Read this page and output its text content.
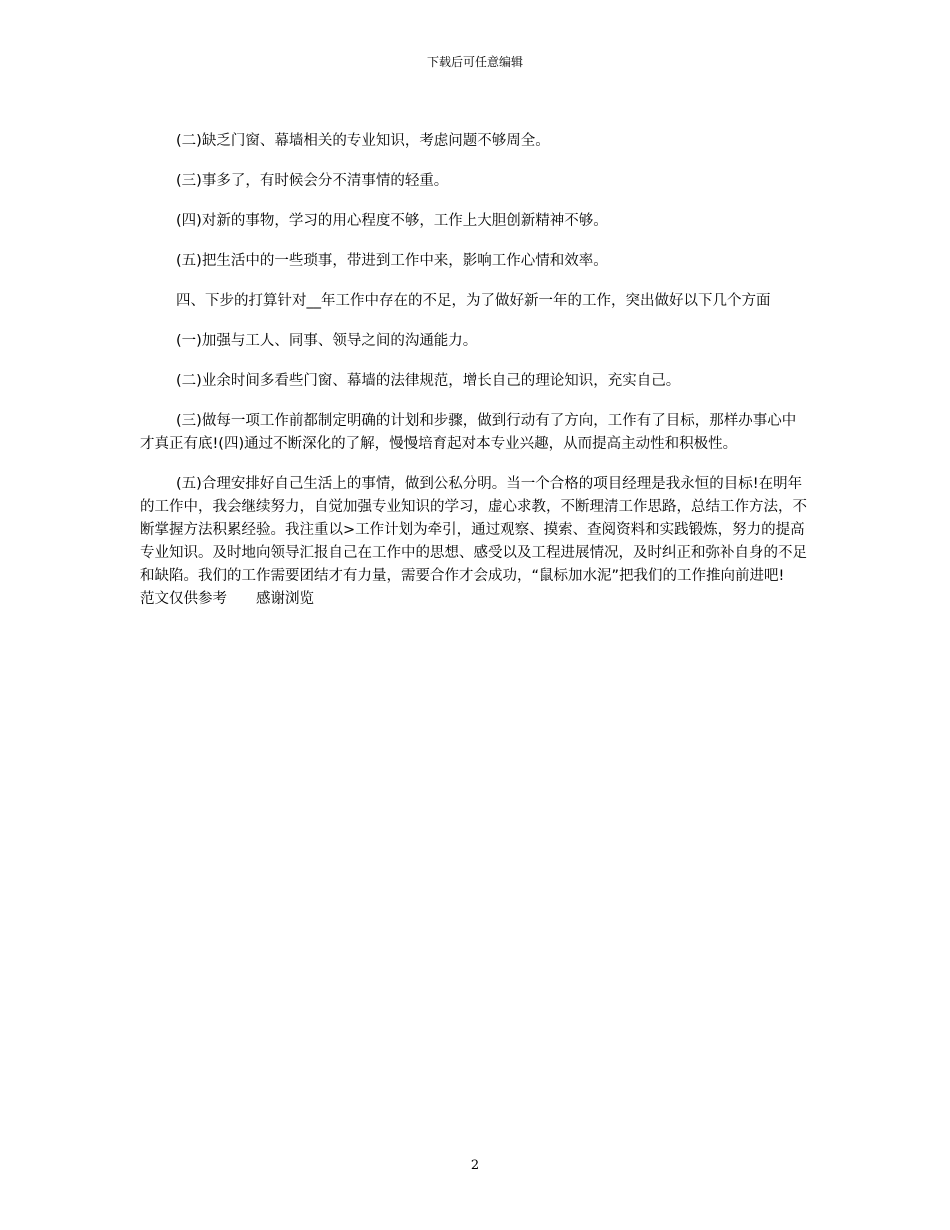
下载后可任意编辑

(二)缺乏门窗、幕墙相关的专业知识，考虑问题不够周全。

(三)事多了，有时候会分不清事情的轻重。

(四)对新的事物，学习的用心程度不够，工作上大胆创新精神不够。

(五)把生活中的一些琐事，带进到工作中来，影响工作心情和效率。

四、下步的打算针对__年工作中存在的不足，为了做好新一年的工作，突出做好以下几个方面

(一)加强与工人、同事、领导之间的沟通能力。

(二)业余时间多看些门窗、幕墙的法律规范，增长自己的理论知识，充实自己。

(三)做每一项工作前都制定明确的计划和步骤，做到行动有了方向，工作有了目标，那样办事心中才真正有底!(四)通过不断深化的了解，慢慢培育起对本专业兴趣，从而提高主动性和积极性。

(五)合理安排好自己生活上的事情，做到公私分明。当一个合格的项目经理是我永恒的目标!在明年的工作中，我会继续努力，自觉加强专业知识的学习，虚心求教，不断理清工作思路，总结工作方法，不断掌握方法积累经验。我注重以>工作计划为牵引，通过观察、摸索、查阅资料和实践锻炼，努力的提高专业知识。及时地向领导汇报自己在工作中的思想、感受以及工程进展情况，及时纠正和弥补自身的不足和缺陷。我们的工作需要团结才有力量，需要合作才会成功，“鼠标加水泥”把我们的工作推向前进吧!　　范文仅供参考　　感谢浏览

2
